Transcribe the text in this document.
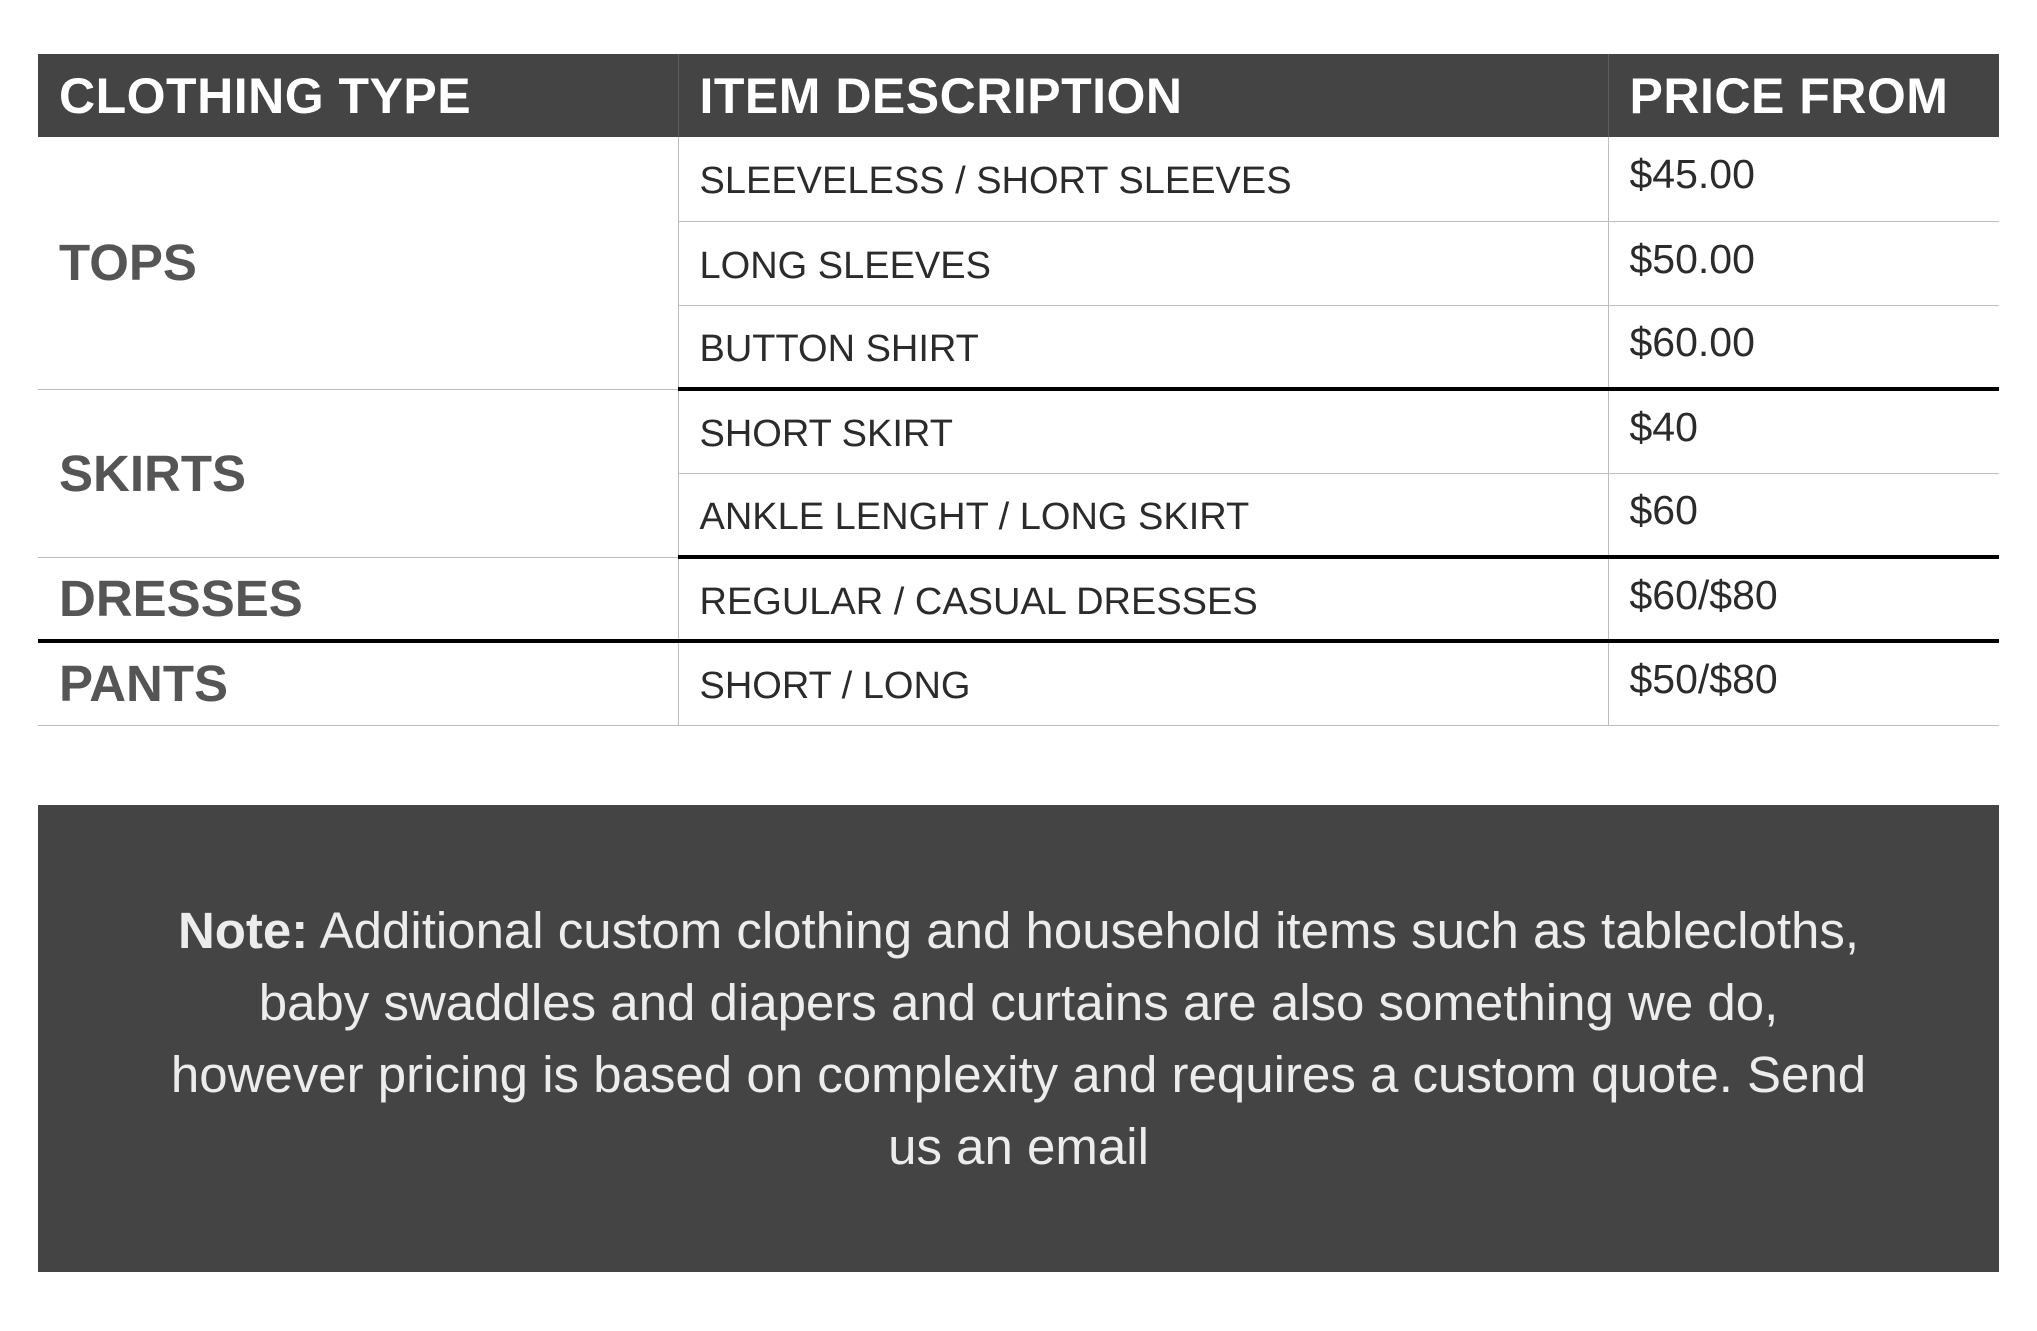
CLOTHING TYPE	ITEM DESCRIPTION	PRICE FROM
TOPS	SLEEVELESS / SHORT SLEEVES	$45.00
	LONG SLEEVES	$50.00
	BUTTON SHIRT	$60.00
SKIRTS	SHORT SKIRT	$40
	ANKLE LENGHT / LONG SKIRT	$60
DRESSES	REGULAR / CASUAL DRESSES	$60/$80
PANTS	SHORT / LONG	$50/$80

Note: Additional custom clothing and household items such as tablecloths, baby swaddles and diapers and curtains are also something we do, however pricing is based on complexity and requires a custom quote. Send us an email
